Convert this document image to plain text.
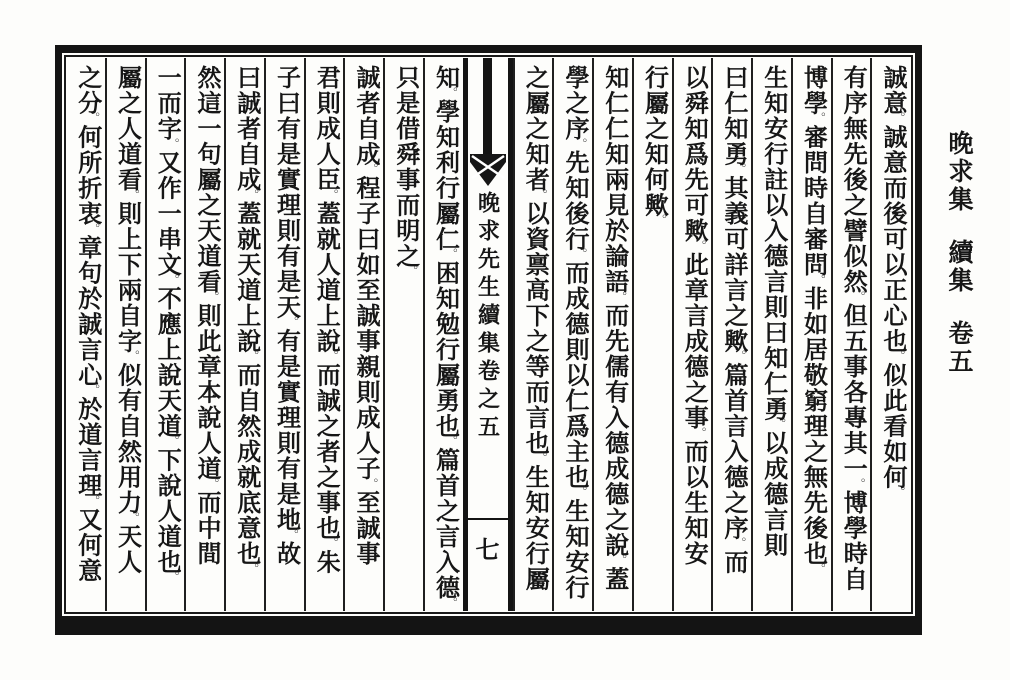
晚求集續集卷五
誠意。誠意而後可以正心也。似此看如何。
有序無先後之譬似然。但五事各專其一。博學時自
博學。審問時自審問。非如居敬窮理之無先後也。
生知安行註以入德言則曰知仁勇。以成德言則
曰仁知勇。其義可詳言之歟。篇首言入德之序。而
以舜知爲先可歟。此章言成德之事。而以生知安
行屬之知何歟。
知仁仁知兩見於論語。而先儒有入德成德之說。蓋
學之序。先知後行。而成德則以仁爲主也。生知安行
之屬之知者。以資禀高下之等而言也。生知安行屬
晚求先生續集卷之五
七
知。學知利行屬仁。困知勉行屬勇也。篇首之言入德。
只是借舜事而明之。
誠者自成。程子曰如至誠事親則成人子。至誠事
君則成人臣。蓋就人道上說。而誠之者之事也。朱
子曰有是實理則有是天。有是實理則有是地。故
曰誠者自成。蓋就天道上說。而自然成就底意也。
然這一句屬之天道看。則此章本說人道。而中間
一而字。又作一串文。不應上說天道。下說人道也。
屬之人道看。則上下兩自字。似有自然用力。天人
之分。何所折衷。章句於誠言心。於道言理。又何意
